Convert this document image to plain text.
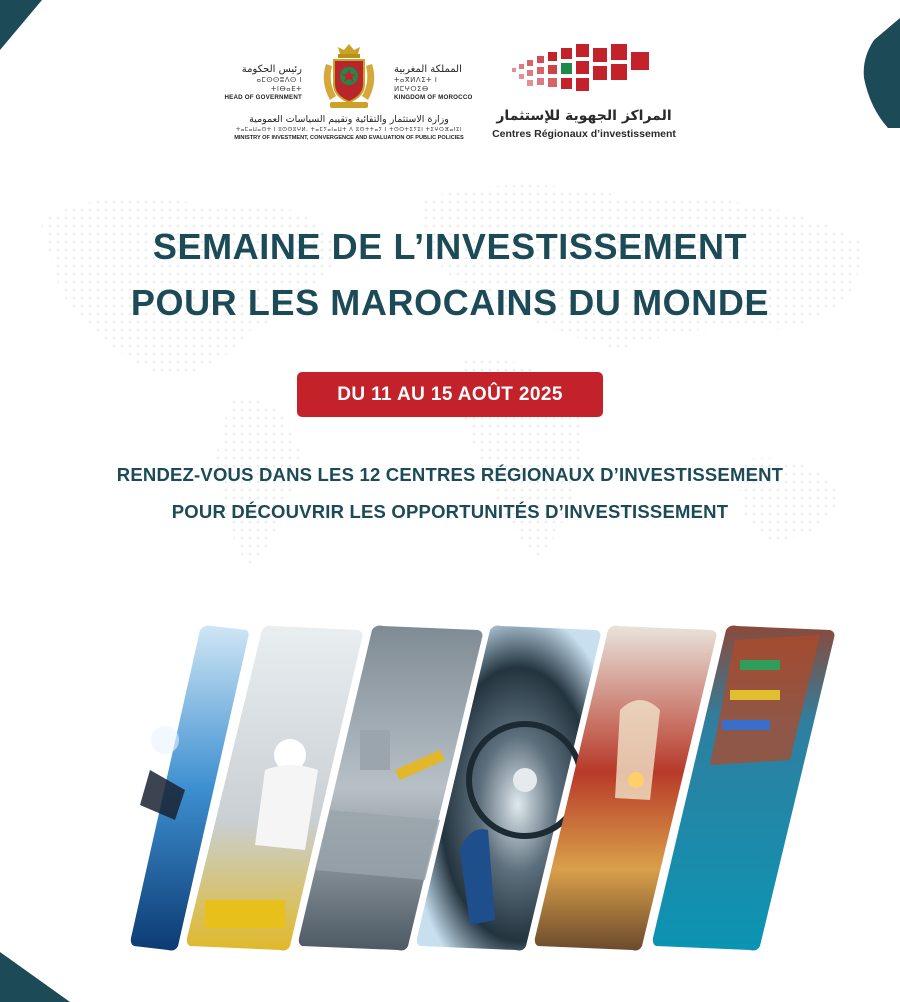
رئيس الحكومة
ⴰⵎⵙⵙⵓⴷⵙ ⵏ ⵜⵏⴱⴰⴹⵜ
HEAD OF GOVERNMENT
المملكة المغربية
ⵜⴰⴳⵍⴷⵉⵜ ⵏ ⵍⵎⵖⵔⵉⴱ
KINGDOM OF MOROCCO
وزارة الاستثمار والتقائية وتقييم السياسات العمومية
ⵜⴰⵎⴰⵡⴰⵙⵜ ⵏ ⵓⵙⵙⵓⵖⵍ, ⵜⴰⵎⵢⴰⵏⴰⵡⵜ ⴷ ⵓⵙⵜⵜⴰⵢ ⵏ ⵜⵙⵔⵜⵉⵢⵉⵏ ⵜⵉⵖⵔⴼⴰⵏⵉⵏ
MINISTRY OF INVESTMENT, CONVERGENCE AND EVALUATION OF PUBLIC POLICIES
المراكز الجهوية للإستثمار
Centres Régionaux d’investissement
SEMAINE DE L’INVESTISSEMENT
POUR LES MAROCAINS DU MONDE
DU 11 AU 15 AOÛT 2025
RENDEZ-VOUS DANS LES 12 CENTRES RÉGIONAUX D’INVESTISSEMENT
POUR DÉCOUVRIR LES OPPORTUNITÉS D’INVESTISSEMENT
